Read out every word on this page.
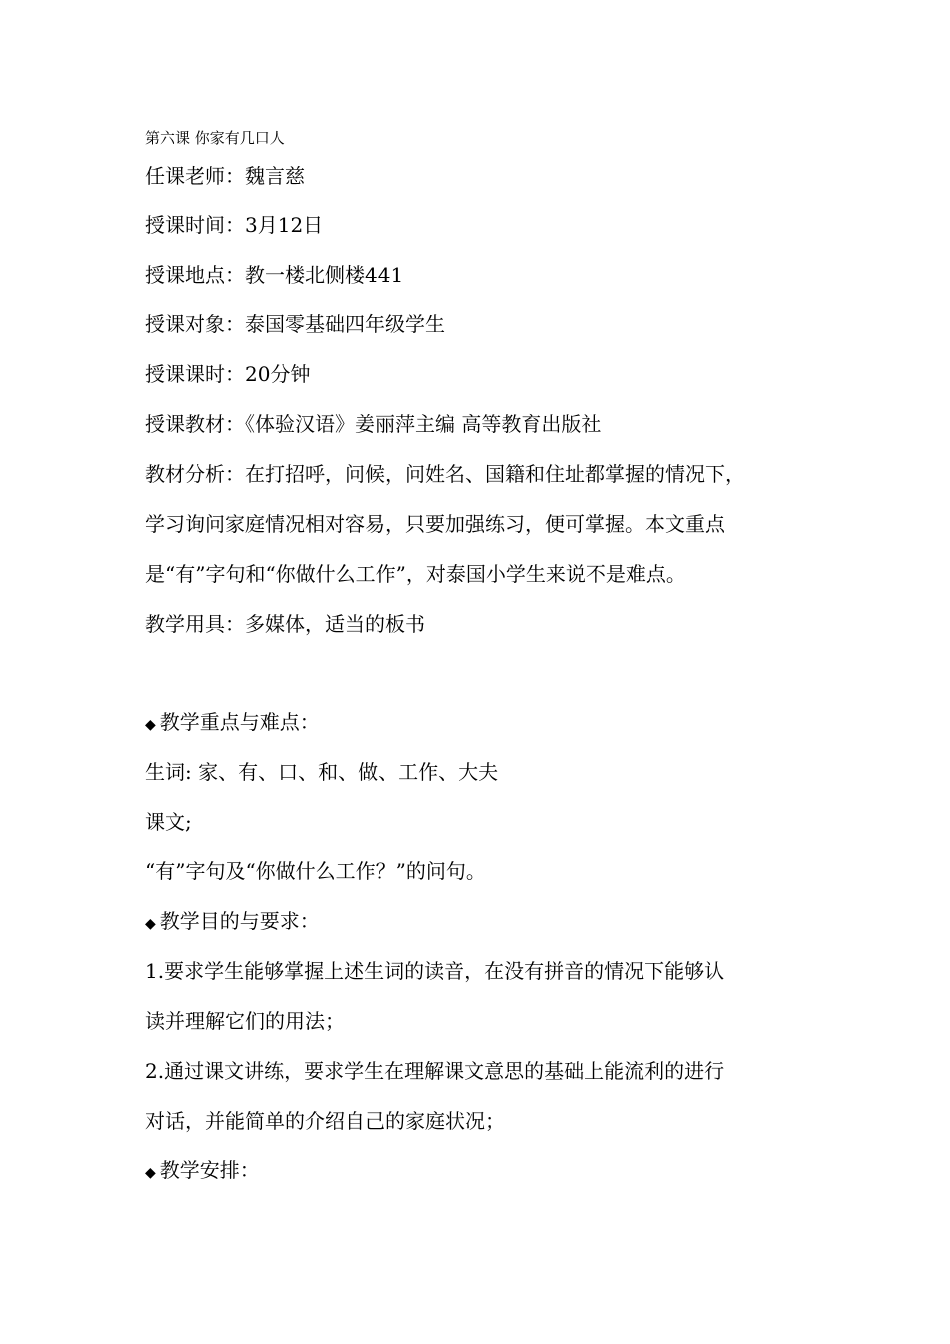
第六课 你家有几口人
任课老师：魏言慈
授课时间：3月12日
授课地点：教一楼北侧楼441
授课对象：泰国零基础四年级学生
授课课时：20分钟
授课教材：《体验汉语》姜丽萍主编 高等教育出版社
教材分析：在打招呼，问候，问姓名、国籍和住址都掌握的情况下，
学习询问家庭情况相对容易，只要加强练习，便可掌握。本文重点
是“有”字句和“你做什么工作”，对泰国小学生来说不是难点。
教学用具：多媒体，适当的板书
◆ 教学重点与难点：
生词: 家、有、口、和、做、工作、大夫
课文;
“有”字句及“你做什么工作？”的问句。
◆ 教学目的与要求：
1.要求学生能够掌握上述生词的读音，在没有拼音的情况下能够认
读并理解它们的用法；
2.通过课文讲练，要求学生在理解课文意思的基础上能流利的进行
对话，并能简单的介绍自己的家庭状况；
◆ 教学安排：
